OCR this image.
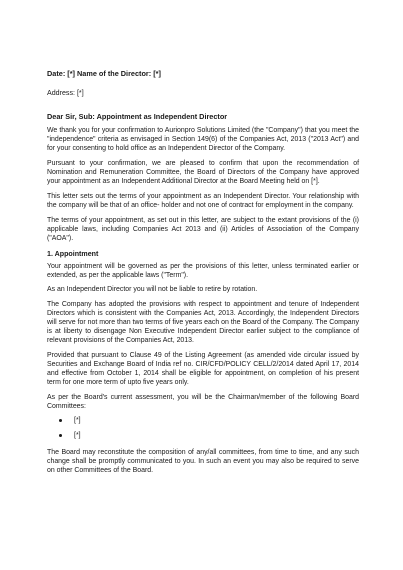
Date: [*] Name of the Director: [*]
Address: [*]
Dear Sir, Sub: Appointment as Independent Director

We thank you for your confirmation to Aurionpro Solutions Limited (the "Company") that you meet the "independence" criteria as envisaged in Section 149(6) of the Companies Act, 2013 ("2013 Act") and for your consenting to hold office as an Independent Director of the Company.

Pursuant to your confirmation, we are pleased to confirm that upon the recommendation of Nomination and Remuneration Committee, the Board of Directors of the Company have approved your appointment as an Independent Additional Director at the Board Meeting held on [*].

This letter sets out the terms of your appointment as an Independent Director. Your relationship with the company will be that of an office- holder and not one of contract for employment in the company.

The terms of your appointment, as set out in this letter, are subject to the extant provisions of the (i) applicable laws, including Companies Act 2013 and (ii) Articles of Association of the Company ("AOA").

1. Appointment

Your appointment will be governed as per the provisions of this letter, unless terminated earlier or extended, as per the applicable laws ("Term").

As an Independent Director you will not be liable to retire by rotation.

The Company has adopted the provisions with respect to appointment and tenure of Independent Directors which is consistent with the Companies Act, 2013. Accordingly, the Independent Directors will serve for not more than two terms of five years each on the Board of the Company. The Company is at liberty to disengage Non Executive Independent Director earlier subject to the compliance of relevant provisions of the Companies Act, 2013.

Provided that pursuant to Clause 49 of the Listing Agreement (as amended vide circular issued by Securities and Exchange Board of India ref no. CIR/CFD/POLICY CELL/2/2014 dated April 17, 2014 and effective from October 1, 2014 shall be eligible for appointment, on completion of his present term for one more term of upto five years only.

As per the Board's current assessment, you will be the Chairman/member of the following Board Committees:

[*]
[*]

The Board may reconstitute the composition of any/all committees, from time to time, and any such change shall be promptly communicated to you. In such an event you may also be required to serve on other Committees of the Board.
